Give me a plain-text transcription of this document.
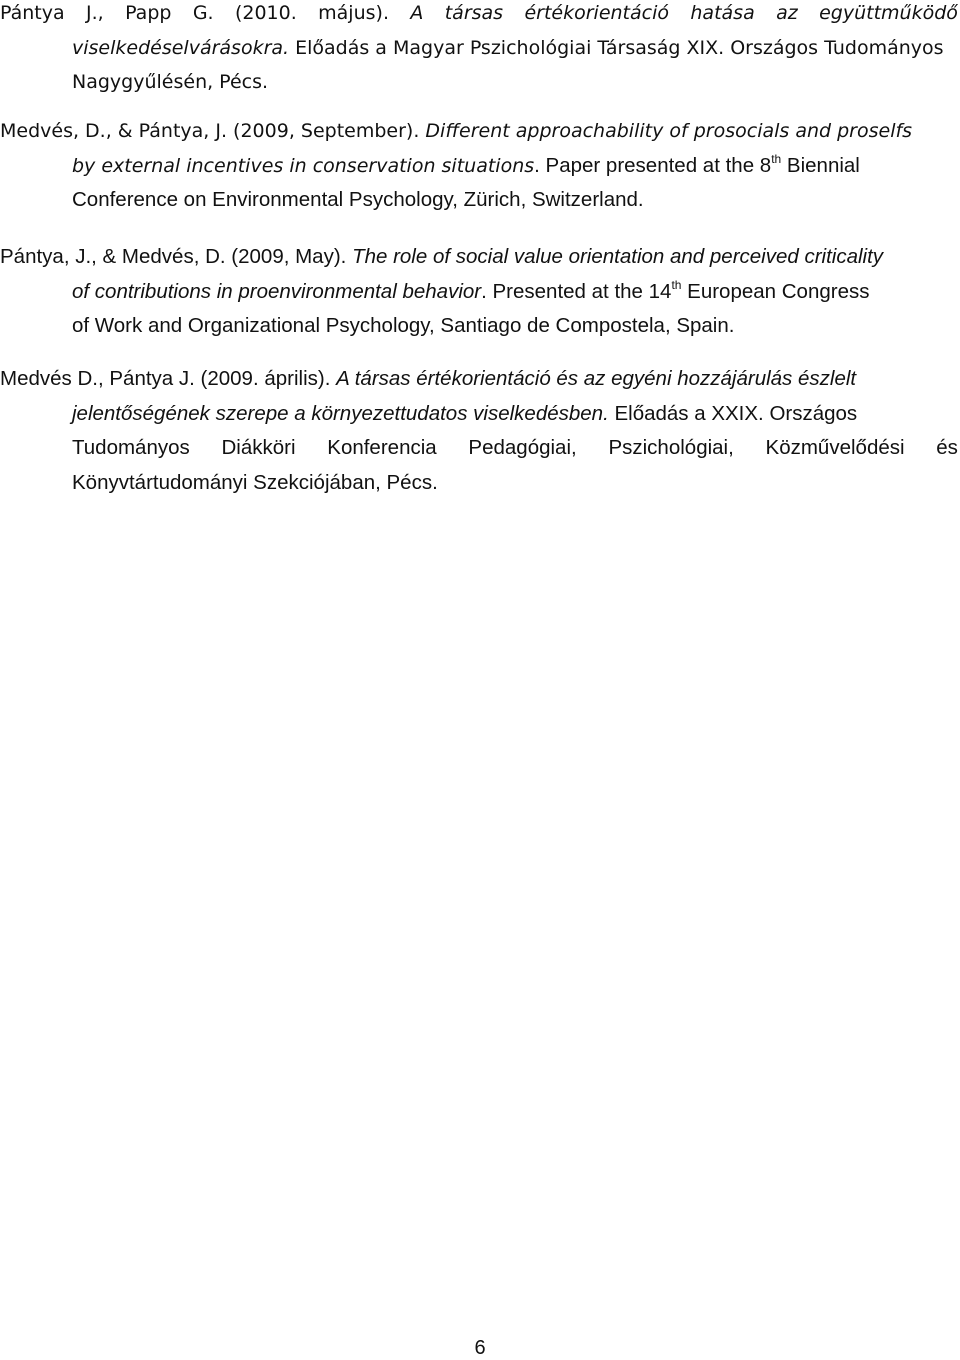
Pántya J., Papp G. (2010. május). A társas értékorientáció hatása az együttműködő
viselkedéselvárásokra. Előadás a Magyar Pszichológiai Társaság XIX. Országos Tudományos
Nagygyűlésén, Pécs.
Medvés, D., & Pántya, J. (2009, September). Different approachability of prosocials and proselfs
by external incentives in conservation situations. Paper presented at the 8th Biennial
Conference on Environmental Psychology, Zürich, Switzerland.
Pántya, J., & Medvés, D. (2009, May). The role of social value orientation and perceived criticality
of contributions in proenvironmental behavior. Presented at the 14th European Congress
of Work and Organizational Psychology, Santiago de Compostela, Spain.
Medvés D., Pántya J. (2009. április). A társas értékorientáció és az egyéni hozzájárulás észlelt
jelentőségének szerepe a környezettudatos viselkedésben. Előadás a XXIX. Országos
Tudományos Diákköri Konferencia Pedagógiai, Pszichológiai, Közművelődési és
Könyvtártudományi Szekciójában, Pécs.
6
